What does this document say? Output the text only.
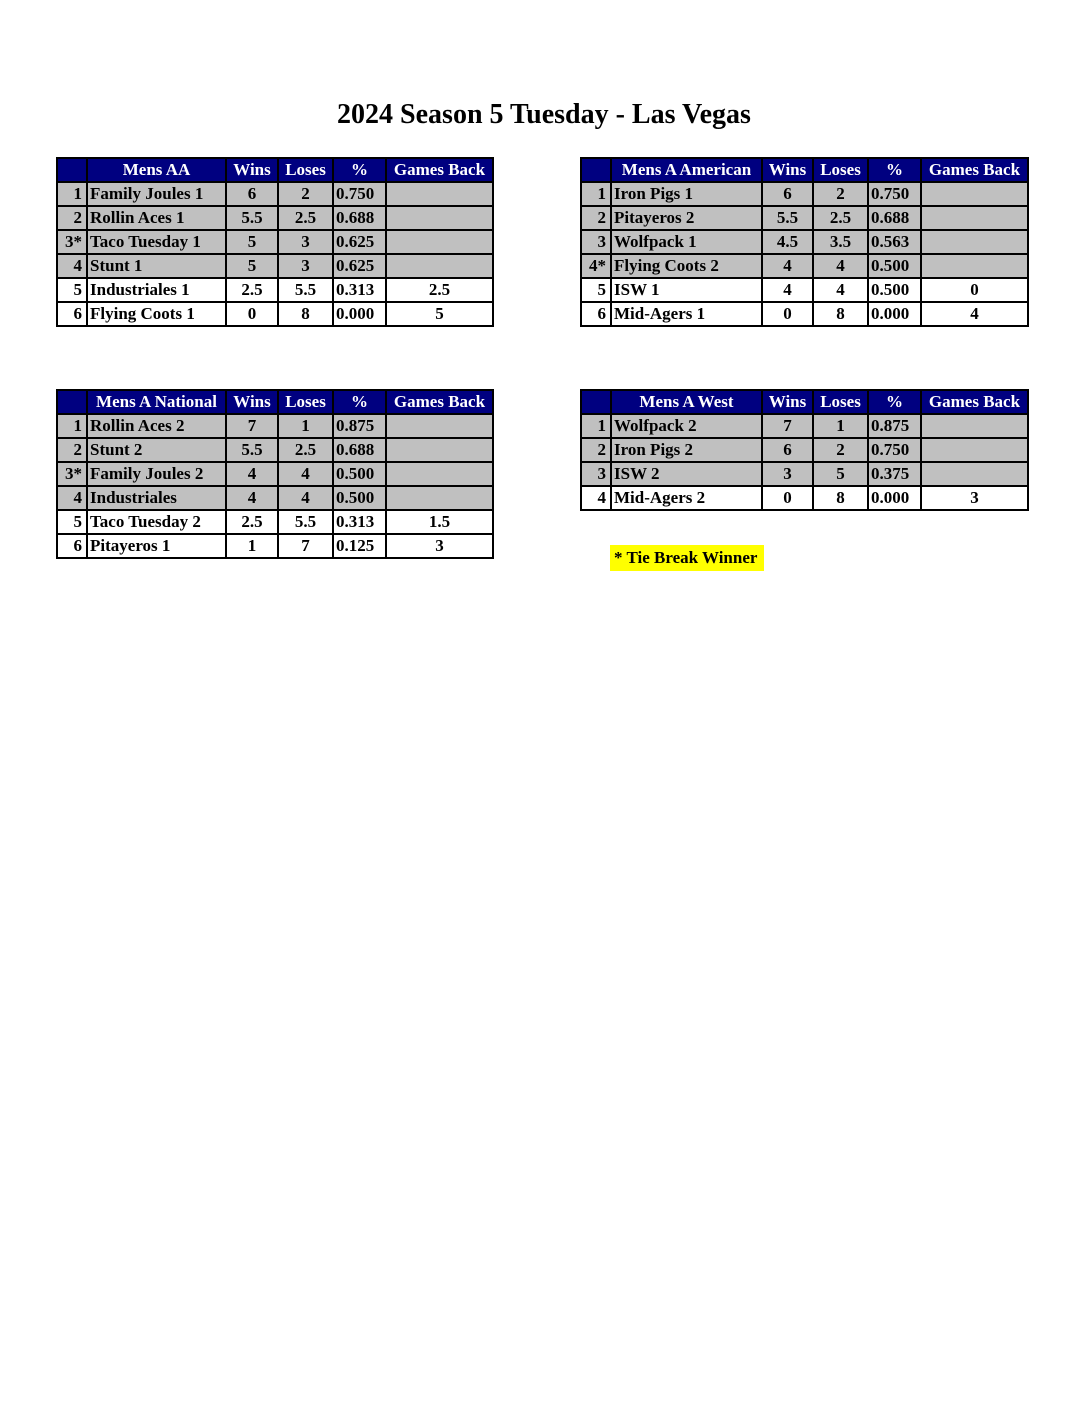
2024 Season 5 Tuesday - Las Vegas
	Mens AA	Wins	Loses	%	Games Back
1	Family Joules 1	6	2	0.750	
2	Rollin Aces 1	5.5	2.5	0.688	
3*	Taco Tuesday 1	5	3	0.625	
4	Stunt 1	5	3	0.625	
5	Industriales 1	2.5	5.5	0.313	2.5
6	Flying Coots 1	0	8	0.000	5
	Mens A American	Wins	Loses	%	Games Back
1	Iron Pigs 1	6	2	0.750	
2	Pitayeros 2	5.5	2.5	0.688	
3	Wolfpack 1	4.5	3.5	0.563	
4*	Flying Coots 2	4	4	0.500	
5	ISW 1	4	4	0.500	0
6	Mid-Agers 1	0	8	0.000	4
	Mens A National	Wins	Loses	%	Games Back
1	Rollin Aces 2	7	1	0.875	
2	Stunt 2	5.5	2.5	0.688	
3*	Family Joules 2	4	4	0.500	
4	Industriales	4	4	0.500	
5	Taco Tuesday 2	2.5	5.5	0.313	1.5
6	Pitayeros 1	1	7	0.125	3
	Mens A West	Wins	Loses	%	Games Back
1	Wolfpack 2	7	1	0.875	
2	Iron Pigs 2	6	2	0.750	
3	ISW 2	3	5	0.375	
4	Mid-Agers 2	0	8	0.000	3
* Tie Break Winner
